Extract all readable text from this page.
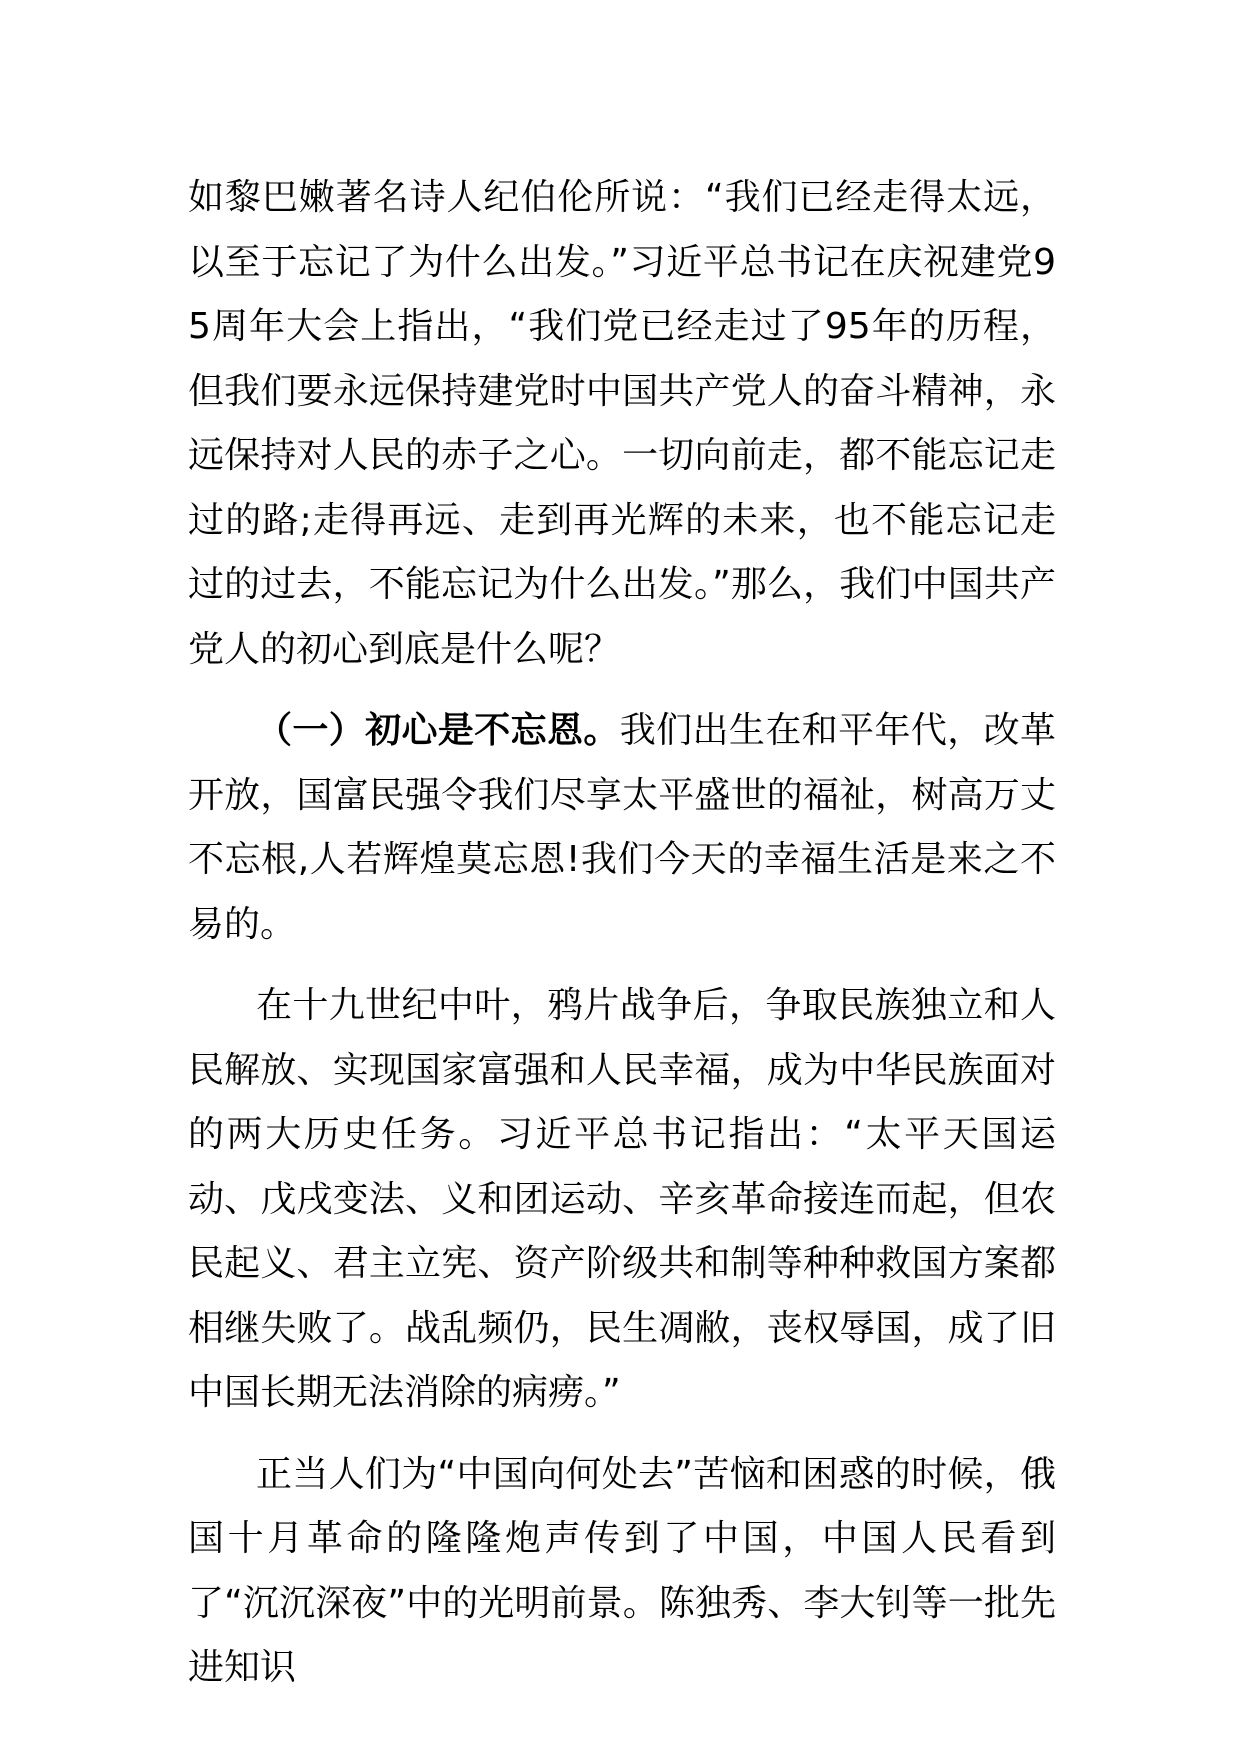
如黎巴嫩著名诗人纪伯伦所说：“我们已经走得太远，以至于忘记了为什么出发。”习近平总书记在庆祝建党95周年大会上指出，“我们党已经走过了95年的历程，但我们要永远保持建党时中国共产党人的奋斗精神，永远保持对人民的赤子之心。一切向前走，都不能忘记走过的路;走得再远、走到再光辉的未来，也不能忘记走过的过去，不能忘记为什么出发。”那么，我们中国共产党人的初心到底是什么呢？

（一）初心是不忘恩。我们出生在和平年代，改革开放，国富民强令我们尽享太平盛世的福祉，树高万丈不忘根,人若辉煌莫忘恩!我们今天的幸福生活是来之不易的。

在十九世纪中叶，鸦片战争后，争取民族独立和人民解放、实现国家富强和人民幸福，成为中华民族面对的两大历史任务。习近平总书记指出：“太平天国运动、戊戌变法、义和团运动、辛亥革命接连而起，但农民起义、君主立宪、资产阶级共和制等种种救国方案都相继失败了。战乱频仍，民生凋敝，丧权辱国，成了旧中国长期无法消除的病痨。”

正当人们为“中国向何处去”苦恼和困惑的时候，俄国十月革命的隆隆炮声传到了中国，中国人民看到了“沉沉深夜”中的光明前景。陈独秀、李大钊等一批先进知识
